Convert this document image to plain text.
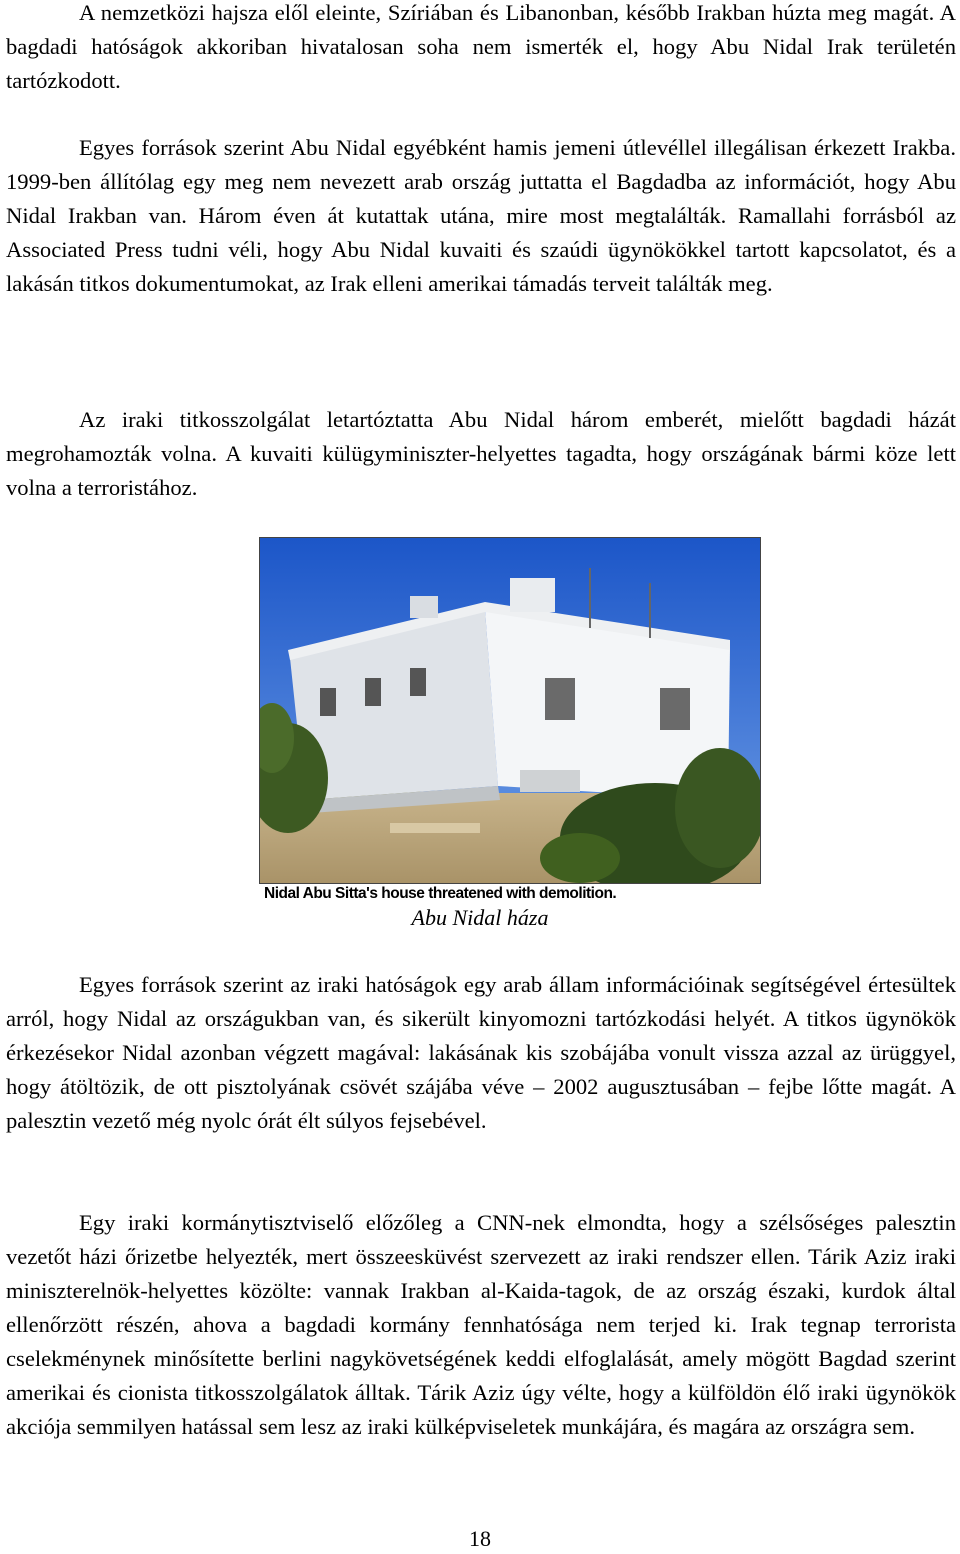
A nemzetközi hajsza elől eleinte, Szíriában és Libanonban, később Irakban húzta meg magát. A bagdadi hatóságok akkoriban hivatalosan soha nem ismerték el, hogy Abu Nidal Irak területén tartózkodott.

Egyes források szerint Abu Nidal egyébként hamis jemeni útlevéllel illegálisan érkezett Irakba. 1999-ben állítólag egy meg nem nevezett arab ország juttatta el Bagdadba az információt, hogy Abu Nidal Irakban van. Három éven át kutattak utána, mire most megtalálták. Ramallahi forrásból az Associated Press tudni véli, hogy Abu Nidal kuvaiti és szaúdi ügynökökkel tartott kapcsolatot, és a lakásán titkos dokumentumokat, az Irak elleni amerikai támadás terveit találták meg.

Az iraki titkosszolgálat letartóztatta Abu Nidal három emberét, mielőtt bagdadi házát megrohamozták volna. A kuvaiti külügyminiszter-helyettes tagadta, hogy országának bármi köze lett volna a terroristához.

Nidal Abu Sitta's house threatened with demolition.
Abu Nidal háza

Egyes források szerint az iraki hatóságok egy arab állam információinak segítségével értesültek arról, hogy Nidal az országukban van, és sikerült kinyomozni tartózkodási helyét. A titkos ügynökök érkezésekor Nidal azonban végzett magával: lakásának kis szobájába vonult vissza azzal az ürüggyel, hogy átöltözik, de ott pisztolyának csövét szájába véve – 2002 augusztusában – fejbe lőtte magát. A palesztin vezető még nyolc órát élt súlyos fejsebével.

Egy iraki kormánytisztviselő előzőleg a CNN-nek elmondta, hogy a szélsőséges palesztin vezetőt házi őrizetbe helyezték, mert összeesküvést szervezett az iraki rendszer ellen. Tárik Aziz iraki miniszterelnök-helyettes közölte: vannak Irakban al-Kaida-tagok, de az ország északi, kurdok által ellenőrzött részén, ahova a bagdadi kormány fennhatósága nem terjed ki. Irak tegnap terrorista cselekménynek minősítette berlini nagykövetségének keddi elfoglalását, amely mögött Bagdad szerint amerikai és cionista titkosszolgálatok álltak. Tárik Aziz úgy vélte, hogy a külföldön élő iraki ügynökök akciója semmilyen hatással sem lesz az iraki külképviseletek munkájára, és magára az országra sem.

18
